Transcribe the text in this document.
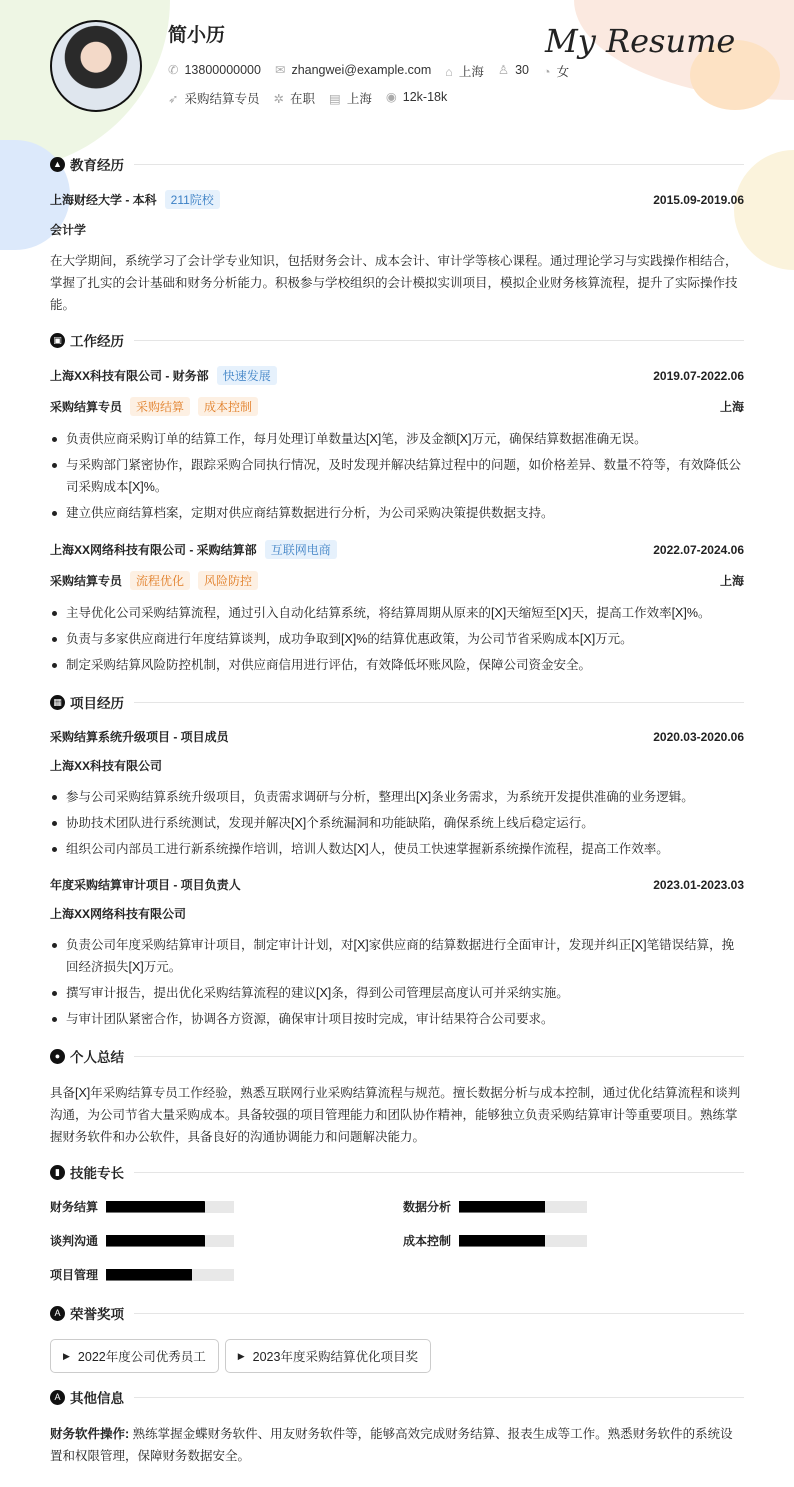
简小历	My Resume
✆ 13800000000 ✉ zhangwei@example.com ⌂ 上海 ♙ 30 ◔ 女
➶ 采购结算专员 ✲ 在职 ▤ 上海 ◉ 12k-18k
▲ 教育经历
上海财经大学 - 本科 211院校	2015.09-2019.06
会计学

在大学期间，系统学习了会计学专业知识，包括财务会计、成本会计、审计学等核心课程。通过理论学习与实践操作相结合，掌握了扎实的会计基础和财务分析能力。积极参与学校组织的会计模拟实训项目，模拟企业财务核算流程，提升了实际操作技能。

▣ 工作经历
上海XX科技有限公司 - 财务部 快速发展	2019.07-2022.06
采购结算专员 采购结算 成本控制	上海
负责供应商采购订单的结算工作，每月处理订单数量达[X]笔，涉及金额[X]万元，确保结算数据准确无误。
与采购部门紧密协作，跟踪采购合同执行情况，及时发现并解决结算过程中的问题，如价格差异、数量不符等，有效降低公司采购成本[X]%。
建立供应商结算档案，定期对供应商结算数据进行分析，为公司采购决策提供数据支持。
上海XX网络科技有限公司 - 采购结算部 互联网电商	2022.07-2024.06
采购结算专员 流程优化 风险防控	上海
主导优化公司采购结算流程，通过引入自动化结算系统，将结算周期从原来的[X]天缩短至[X]天，提高工作效率[X]%。
负责与多家供应商进行年度结算谈判，成功争取到[X]%的结算优惠政策，为公司节省采购成本[X]万元。
制定采购结算风险防控机制，对供应商信用进行评估，有效降低坏账风险，保障公司资金安全。
▦ 项目经历
采购结算系统升级项目 - 项目成员	2020.03-2020.06
上海XX科技有限公司
参与公司采购结算系统升级项目，负责需求调研与分析，整理出[X]条业务需求，为系统开发提供准确的业务逻辑。
协助技术团队进行系统测试，发现并解决[X]个系统漏洞和功能缺陷，确保系统上线后稳定运行。
组织公司内部员工进行新系统操作培训，培训人数达[X]人，使员工快速掌握新系统操作流程，提高工作效率。
年度采购结算审计项目 - 项目负责人	2023.01-2023.03
上海XX网络科技有限公司
负责公司年度采购结算审计项目，制定审计计划，对[X]家供应商的结算数据进行全面审计，发现并纠正[X]笔错误结算，挽回经济损失[X]万元。
撰写审计报告，提出优化采购结算流程的建议[X]条，得到公司管理层高度认可并采纳实施。
与审计团队紧密合作，协调各方资源，确保审计项目按时完成，审计结果符合公司要求。
● 个人总结

具备[X]年采购结算专员工作经验，熟悉互联网行业采购结算流程与规范。擅长数据分析与成本控制，通过优化结算流程和谈判沟通，为公司节省大量采购成本。具备较强的项目管理能力和团队协作精神，能够独立负责采购结算审计等重要项目。熟练掌握财务软件和办公软件，具备良好的沟通协调能力和问题解决能力。

▮ 技能专长
财务结算	数据分析
谈判沟通	成本控制
项目管理
A 荣誉奖项
▶ 2022年度公司优秀员工	▶ 2023年度采购结算优化项目奖
A 其他信息

财务软件操作: 熟练掌握金蝶财务软件、用友财务软件等，能够高效完成财务结算、报表生成等工作。熟悉财务软件的系统设置和权限管理，保障财务数据安全。
